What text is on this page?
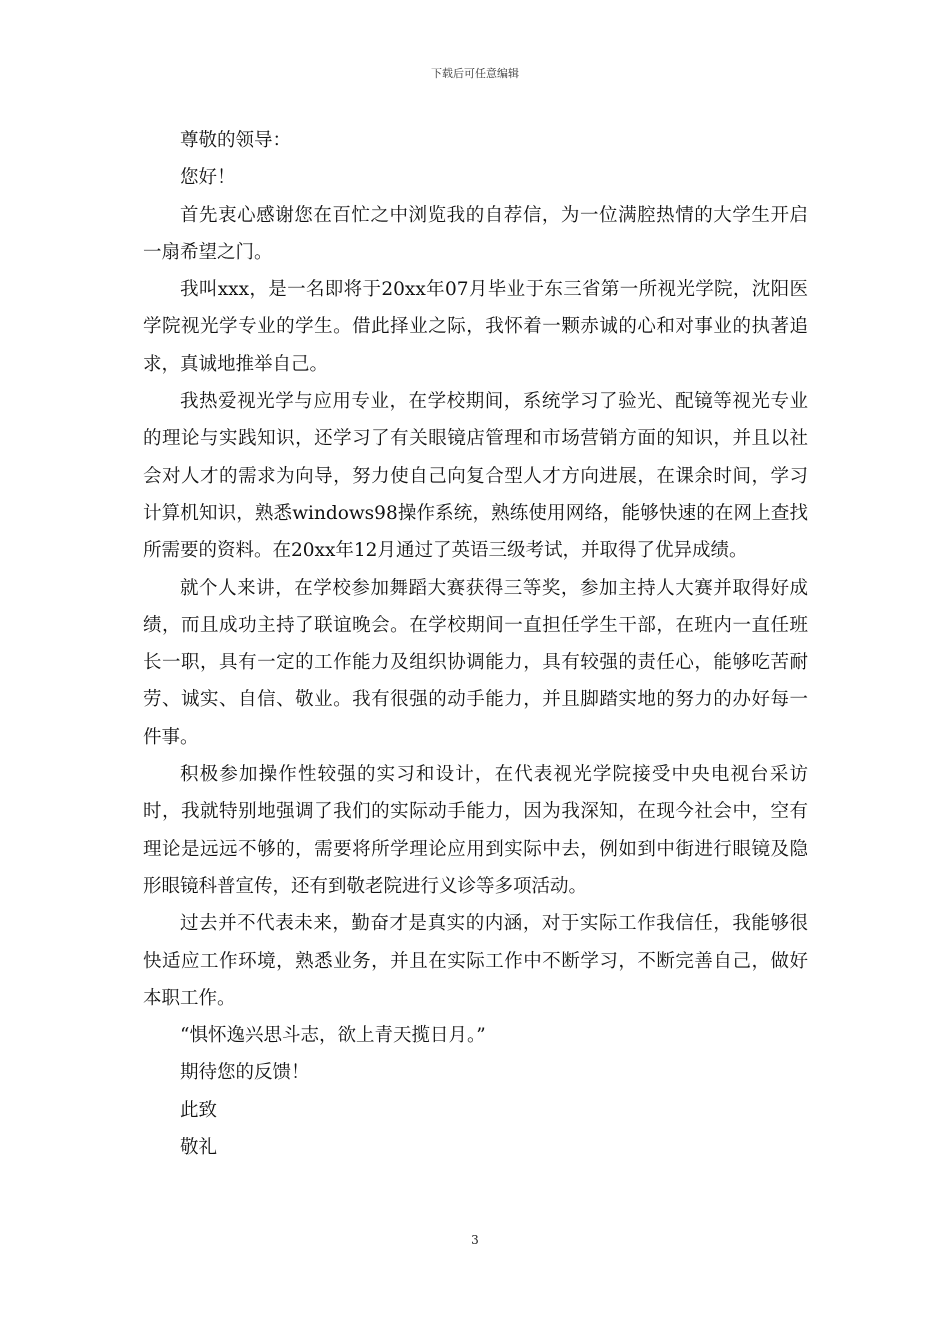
下载后可任意编辑

尊敬的领导：

您好！

首先衷心感谢您在百忙之中浏览我的自荐信，为一位满腔热情的大学生开启一扇希望之门。

我叫xxx，是一名即将于20xx年07月毕业于东三省第一所视光学院，沈阳医学院视光学专业的学生。借此择业之际，我怀着一颗赤诚的心和对事业的执著追求，真诚地推举自己。

我热爱视光学与应用专业，在学校期间，系统学习了验光、配镜等视光专业的理论与实践知识，还学习了有关眼镜店管理和市场营销方面的知识，并且以社会对人才的需求为向导，努力使自己向复合型人才方向进展，在课余时间，学习计算机知识，熟悉windows98操作系统，熟练使用网络，能够快速的在网上查找所需要的资料。在20xx年12月通过了英语三级考试，并取得了优异成绩。

就个人来讲，在学校参加舞蹈大赛获得三等奖，参加主持人大赛并取得好成绩，而且成功主持了联谊晚会。在学校期间一直担任学生干部，在班内一直任班长一职，具有一定的工作能力及组织协调能力，具有较强的责任心，能够吃苦耐劳、诚实、自信、敬业。我有很强的动手能力，并且脚踏实地的努力的办好每一件事。

积极参加操作性较强的实习和设计，在代表视光学院接受中央电视台采访时，我就特别地强调了我们的实际动手能力，因为我深知，在现今社会中，空有理论是远远不够的，需要将所学理论应用到实际中去，例如到中街进行眼镜及隐形眼镜科普宣传，还有到敬老院进行义诊等多项活动。

过去并不代表未来，勤奋才是真实的内涵，对于实际工作我信任，我能够很快适应工作环境，熟悉业务，并且在实际工作中不断学习，不断完善自己，做好本职工作。

“惧怀逸兴思斗志，欲上青天揽日月。”

期待您的反馈！

此致

敬礼

3
